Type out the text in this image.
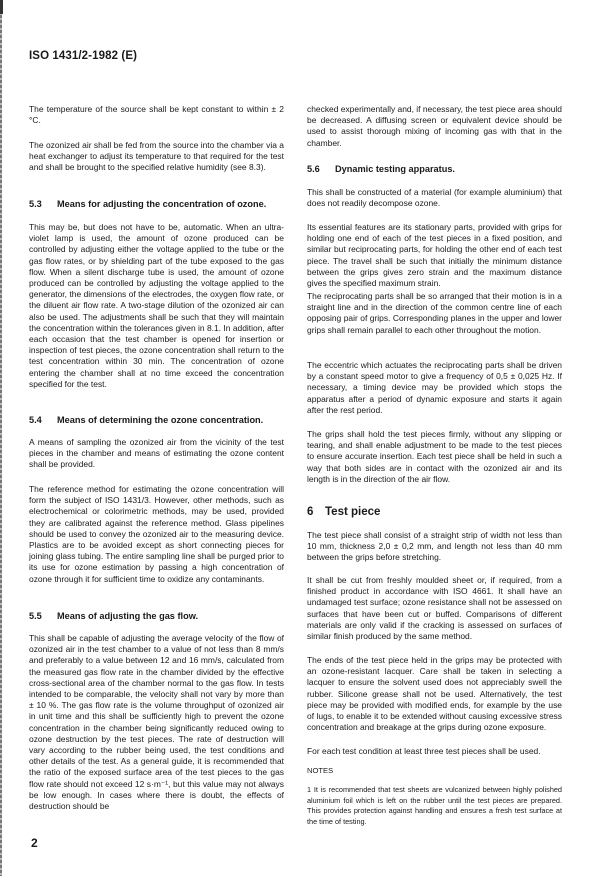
ISO 1431/2-1982 (E)

The temperature of the source shall be kept constant to within ± 2 °C.

The ozonized air shall be fed from the source into the chamber via a heat exchanger to adjust its temperature to that required for the test and shall be brought to the specified relative humidity (see 8.3).

5.3 Means for adjusting the concentration of ozone.

This may be, but does not have to be, automatic. When an ultra-violet lamp is used, the amount of ozone produced can be controlled by adjusting either the voltage applied to the tube or the gas flow rates, or by shielding part of the tube exposed to the gas flow. When a silent discharge tube is used, the amount of ozone produced can be controlled by adjusting the voltage applied to the generator, the dimensions of the electrodes, the oxygen flow rate, or the diluent air flow rate. A two-stage dilution of the ozonized air can also be used. The adjustments shall be such that they will maintain the concentration within the tolerances given in 8.1. In addition, after each occasion that the test chamber is opened for insertion or inspection of test pieces, the ozone concentration shall return to the test concentration within 30 min. The concentration of ozone entering the chamber shall at no time exceed the concentration specified for the test.

5.4 Means of determining the ozone concentration.

A means of sampling the ozonized air from the vicinity of the test pieces in the chamber and means of estimating the ozone content shall be provided.

The reference method for estimating the ozone concentration will form the subject of ISO 1431/3. However, other methods, such as electrochemical or colorimetric methods, may be used, provided they are calibrated against the reference method. Glass pipelines should be used to convey the ozonized air to the measuring device. Plastics are to be avoided except as short connecting pieces for joining glass tubing. The entire sampling line shall be purged prior to its use for ozone estimation by passing a high concentration of ozone through it for sufficient time to oxidize any contaminants.

5.5 Means of adjusting the gas flow.

This shall be capable of adjusting the average velocity of the flow of ozonized air in the test chamber to a value of not less than 8 mm/s and preferably to a value between 12 and 16 mm/s, calculated from the measured gas flow rate in the chamber divided by the effective cross-sectional area of the chamber normal to the gas flow. In tests intended to be comparable, the velocity shall not vary by more than ± 10 %. The gas flow rate is the volume throughput of ozonized air in unit time and this shall be sufficiently high to prevent the ozone concentration in the chamber being significantly reduced owing to ozone destruction by the test pieces. The rate of destruction will vary according to the rubber being used, the test conditions and other details of the test. As a general guide, it is recommended that the ratio of the exposed surface area of the test pieces to the gas flow rate should not exceed 12 s·m⁻¹, but this value may not always be low enough. In cases where there is doubt, the effects of destruction should be

checked experimentally and, if necessary, the test piece area should be decreased. A diffusing screen or equivalent device should be used to assist thorough mixing of incoming gas with that in the chamber.

5.6 Dynamic testing apparatus.

This shall be constructed of a material (for example aluminium) that does not readily decompose ozone.

Its essential features are its stationary parts, provided with grips for holding one end of each of the test pieces in a fixed position, and similar but reciprocating parts, for holding the other end of each test piece. The travel shall be such that initially the minimum distance between the grips gives zero strain and the maximum distance gives the specified maximum strain.

The reciprocating parts shall be so arranged that their motion is in a straight line and in the direction of the common centre line of each opposing pair of grips. Corresponding planes in the upper and lower grips shall remain parallel to each other throughout the motion.

The eccentric which actuates the reciprocating parts shall be driven by a constant speed motor to give a frequency of 0,5 ± 0,025 Hz. If necessary, a timing device may be provided which stops the apparatus after a period of dynamic exposure and starts it again after the rest period.

The grips shall hold the test pieces firmly, without any slipping or tearing, and shall enable adjustment to be made to the test pieces to ensure accurate insertion. Each test piece shall be held in such a way that both sides are in contact with the ozonized air and its length is in the direction of the air flow.

6 Test piece

The test piece shall consist of a straight strip of width not less than 10 mm, thickness 2,0 ± 0,2 mm, and length not less than 40 mm between the grips before stretching.

It shall be cut from freshly moulded sheet or, if required, from a finished product in accordance with ISO 4661. It shall have an undamaged test surface; ozone resistance shall not be assessed on surfaces that have been cut or buffed. Comparisons of different materials are only valid if the cracking is assessed on surfaces of similar finish produced by the same method.

The ends of the test piece held in the grips may be protected with an ozone-resistant lacquer. Care shall be taken in selecting a lacquer to ensure the solvent used does not appreciably swell the rubber. Silicone grease shall not be used. Alternatively, the test piece may be provided with modified ends, for example by the use of lugs, to enable it to be extended without causing excessive stress concentration and breakage at the grips during ozone exposure.

For each test condition at least three test pieces shall be used.

NOTES

1 It is recommended that test sheets are vulcanized between highly polished aluminium foil which is left on the rubber until the test pieces are prepared. This provides protection against handling and ensures a fresh test surface at the time of testing.

2
